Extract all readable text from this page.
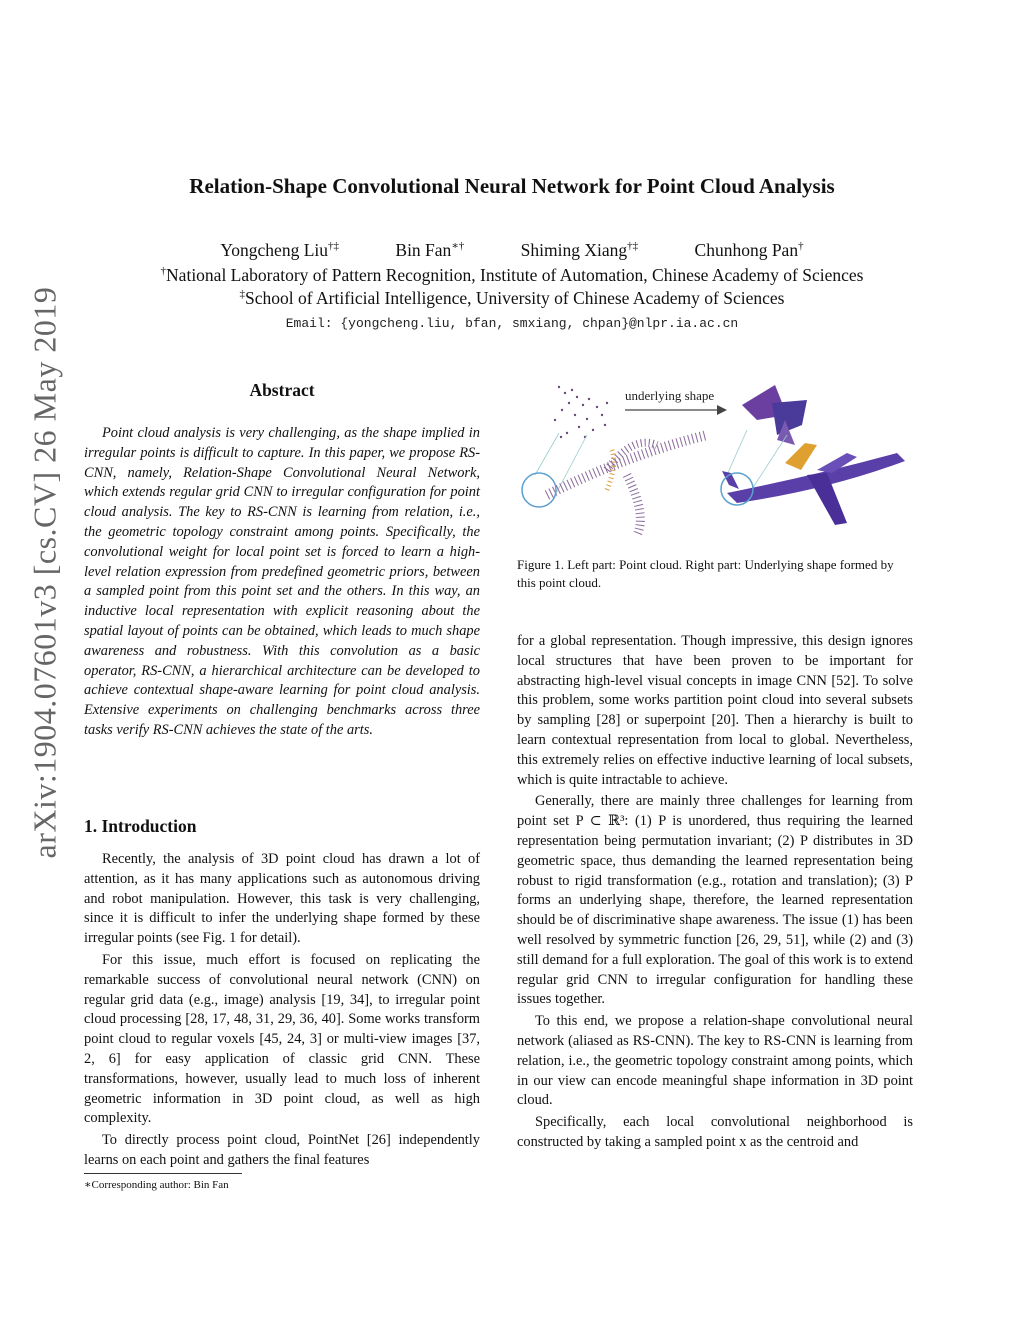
Relation-Shape Convolutional Neural Network for Point Cloud Analysis
Yongcheng Liu†‡	Bin Fan∗†	Shiming Xiang†‡	Chunhong Pan†
†National Laboratory of Pattern Recognition, Institute of Automation, Chinese Academy of Sciences
‡School of Artificial Intelligence, University of Chinese Academy of Sciences
Email: {yongcheng.liu, bfan, smxiang, chpan}@nlpr.ia.ac.cn
arXiv:1904.07601v3 [cs.CV] 26 May 2019	Abstract

Point cloud analysis is very challenging, as the shape implied in irregular points is difficult to capture. In this paper, we propose RS-CNN, namely, Relation-Shape Convolutional Neural Network, which extends regular grid CNN to irregular configuration for point cloud analysis. The key to RS-CNN is learning from relation, i.e., the geometric topology constraint among points. Specifically, the convolutional weight for local point set is forced to learn a high-level relation expression from predefined geometric priors, between a sampled point from this point set and the others. In this way, an inductive local representation with explicit reasoning about the spatial layout of points can be obtained, which leads to much shape awareness and robustness. With this convolution as a basic operator, RS-CNN, a hierarchical architecture can be developed to achieve contextual shape-aware learning for point cloud analysis. Extensive experiments on challenging benchmarks across three tasks verify RS-CNN achieves the state of the arts.

1. Introduction

Recently, the analysis of 3D point cloud has drawn a lot of attention, as it has many applications such as autonomous driving and robot manipulation. However, this task is very challenging, since it is difficult to infer the underlying shape formed by these irregular points (see Fig. 1 for detail).

For this issue, much effort is focused on replicating the remarkable success of convolutional neural network (CNN) on regular grid data (e.g., image) analysis [19, 34], to irregular point cloud processing [28, 17, 48, 31, 29, 36, 40]. Some works transform point cloud to regular voxels [45, 24, 3] or multi-view images [37, 2, 6] for easy application of classic grid CNN. These transformations, however, usually lead to much loss of inherent geometric information in 3D point cloud, as well as high complexity.

To directly process point cloud, PointNet [26] independently learns on each point and gathers the final features

underlying shape
Figure 1. Left part: Point cloud. Right part: Underlying shape formed by this point cloud.

for a global representation. Though impressive, this design ignores local structures that have been proven to be important for abstracting high-level visual concepts in image CNN [52]. To solve this problem, some works partition point cloud into several subsets by sampling [28] or superpoint [20]. Then a hierarchy is built to learn contextual representation from local to global. Nevertheless, this extremely relies on effective inductive learning of local subsets, which is quite intractable to achieve.

Generally, there are mainly three challenges for learning from point set P ⊂ ℝ³: (1) P is unordered, thus requiring the learned representation being permutation invariant; (2) P distributes in 3D geometric space, thus demanding the learned representation being robust to rigid transformation (e.g., rotation and translation); (3) P forms an underlying shape, therefore, the learned representation should be of discriminative shape awareness. The issue (1) has been well resolved by symmetric function [26, 29, 51], while (2) and (3) still demand for a full exploration. The goal of this work is to extend regular grid CNN to irregular configuration for handling these issues together.

To this end, we propose a relation-shape convolutional neural network (aliased as RS-CNN). The key to RS-CNN is learning from relation, i.e., the geometric topology constraint among points, which in our view can encode meaningful shape information in 3D point cloud.

Specifically, each local convolutional neighborhood is constructed by taking a sampled point x as the centroid and

∗Corresponding author: Bin Fan
